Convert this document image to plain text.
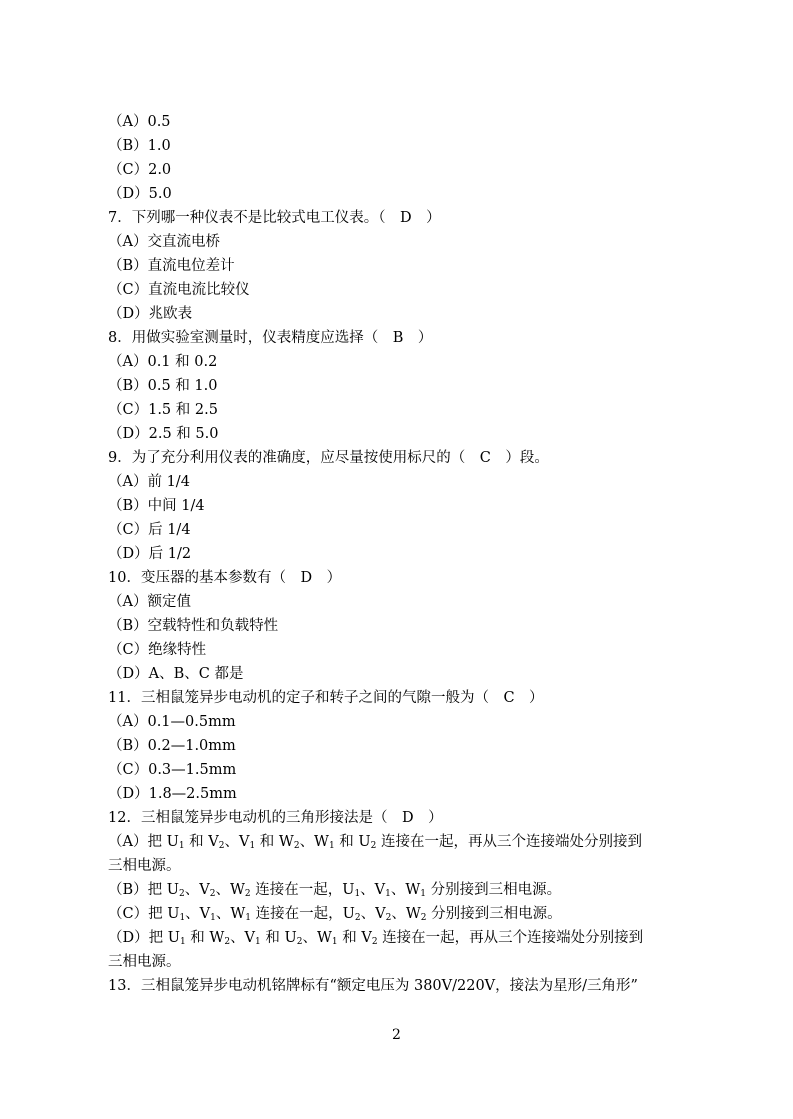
（A）0.5
（B）1.0
（C）2.0
（D）5.0
7．下列哪一种仪表不是比较式电工仪表。（　D　）
（A）交直流电桥
（B）直流电位差计
（C）直流电流比较仪
（D）兆欧表
8．用做实验室测量时，仪表精度应选择（　B　）
（A）0.1 和 0.2
（B）0.5 和 1.0
（C）1.5 和 2.5
（D）2.5 和 5.0
9．为了充分利用仪表的准确度，应尽量按使用标尺的（　C　）段。
（A）前 1/4
（B）中间 1/4
（C）后 1/4
（D）后 1/2
10．变压器的基本参数有（　D　）
（A）额定值
（B）空载特性和负载特性
（C）绝缘特性
（D）A、B、C 都是
11．三相鼠笼异步电动机的定子和转子之间的气隙一般为（　C　）
（A）0.1—0.5mm
（B）0.2—1.0mm
（C）0.3—1.5mm
（D）1.8—2.5mm
12．三相鼠笼异步电动机的三角形接法是（　D　）
（A）把 $U_1$ 和 $V_2$、$V_1$ 和 $W_2$、$W_1$ 和 $U_2$ 连接在一起，再从三个连接端处分别接到
三相电源。
（B）把 $U_2$、$V_2$、$W_2$ 连接在一起，$U_1$、$V_1$、$W_1$ 分别接到三相电源。
（C）把 $U_1$、$V_1$、$W_1$ 连接在一起，$U_2$、$V_2$、$W_2$ 分别接到三相电源。
（D）把 $U_1$ 和 $W_2$、$V_1$ 和 $U_2$、$W_1$ 和 $V_2$ 连接在一起，再从三个连接端处分别接到
三相电源。
13．三相鼠笼异步电动机铭牌标有“额定电压为 380V/220V，接法为星形/三角形”
2
